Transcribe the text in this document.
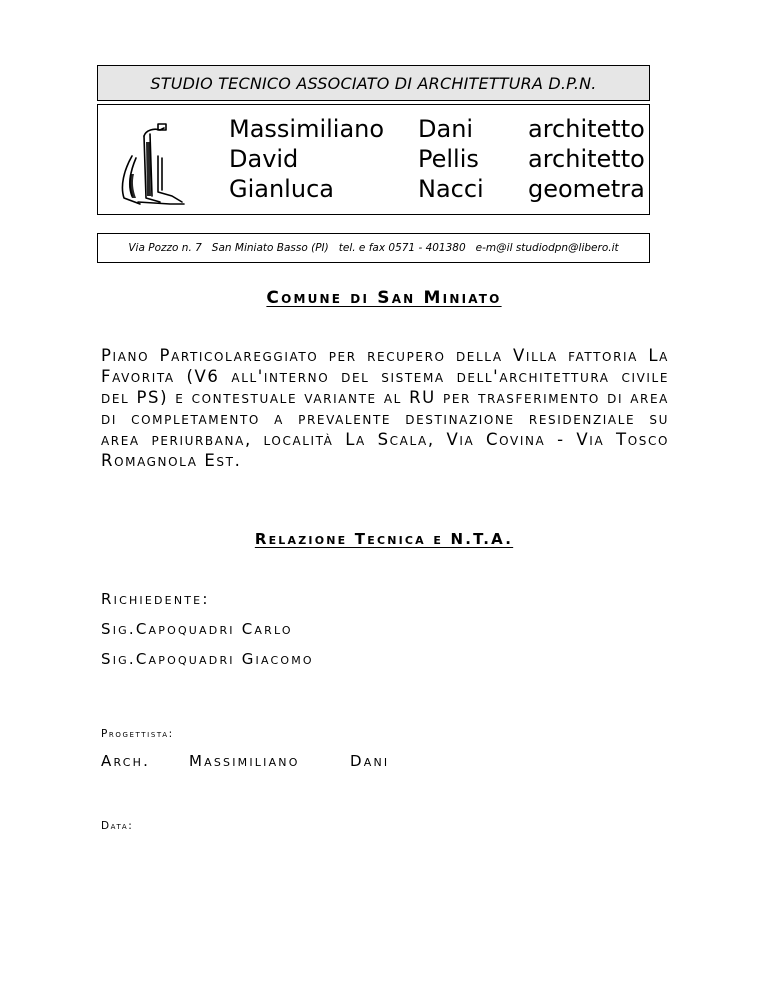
STUDIO TECNICO ASSOCIATO DI ARCHITETTURA D.P.N.
Massimiliano Dani architetto
David	Pellis architetto
Gianluca	Nacci geometra
Via Pozzo n. 7   San Miniato Basso (PI)   tel. e fax 0571 - 401380   e-m@il studiodpn@libero.it
Comune di San Miniato
Piano Particolareggiato per recupero della Villa fattoria La Favorita (V6 all'interno del sistema dell'architettura civile del PS) e contestuale variante al RU per trasferimento di area di completamento a prevalente destinazione residenziale su area periurbana, località La Scala, Via Covina - Via Tosco Romagnola Est.
Relazione Tecnica e N.T.A.
Richiedente:
Sig.Capoquadri Carlo
Sig.Capoquadri Giacomo
Progettista:
Arch.	Massimiliano	Dani
Data:
